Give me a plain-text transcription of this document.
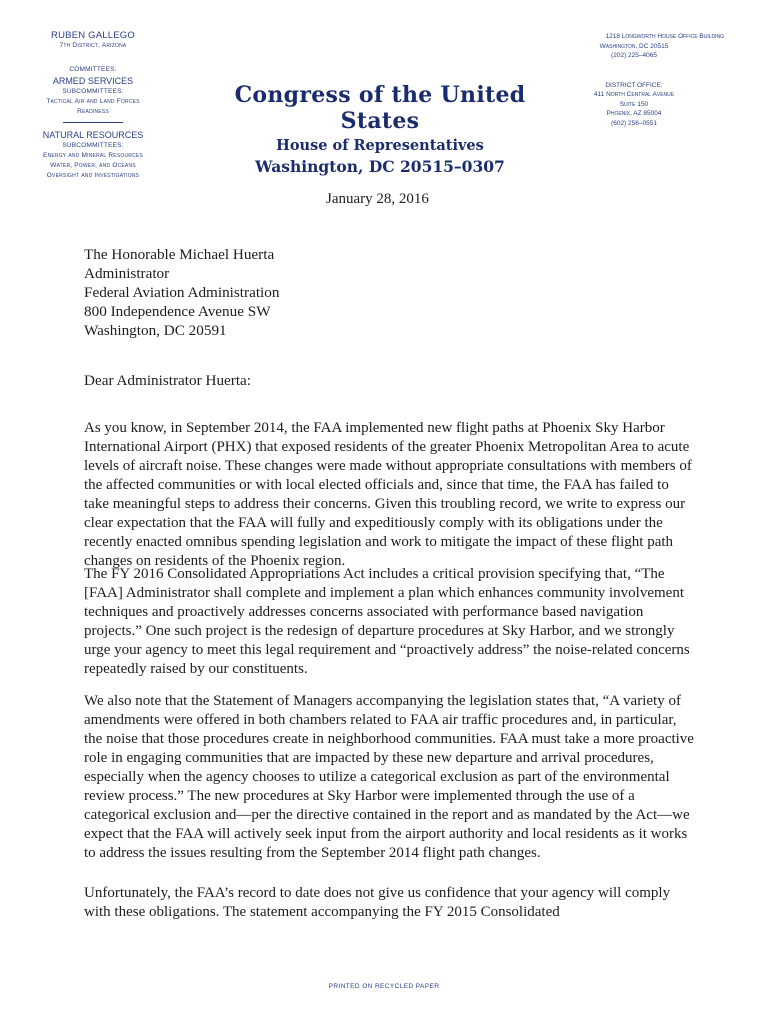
RUBEN GALLEGO
7th District, Arizona
COMMITTEES:
ARMED SERVICES
SUBCOMMITTEES:
Tactical Air and Land Forces
Readiness
NATURAL RESOURCES
SUBCOMMITTEES:
Energy and Mineral Resources
Water, Power, and Oceans
Oversight and Investigations
1218 Longworth House Office Building
Washington, DC 20515
(202) 225–4065
DISTRICT OFFICE:
411 North Central Avenue
Suite 150
Phoenix, AZ 85004
(602) 256–0551
Congress of the United States
House of Representatives
Washington, DC 20515–0307
January 28, 2016
The Honorable Michael Huerta
Administrator
Federal Aviation Administration
800 Independence Avenue SW
Washington, DC 20591
Dear Administrator Huerta:

As you know, in September 2014, the FAA implemented new flight paths at Phoenix Sky Harbor International Airport (PHX) that exposed residents of the greater Phoenix Metropolitan Area to acute levels of aircraft noise. These changes were made without appropriate consultations with members of the affected communities or with local elected officials and, since that time, the FAA has failed to take meaningful steps to address their concerns. Given this troubling record, we write to express our clear expectation that the FAA will fully and expeditiously comply with its obligations under the recently enacted omnibus spending legislation and work to mitigate the impact of these flight path changes on residents of the Phoenix region.

The FY 2016 Consolidated Appropriations Act includes a critical provision specifying that, “The [FAA] Administrator shall complete and implement a plan which enhances community involvement techniques and proactively addresses concerns associated with performance based navigation projects.” One such project is the redesign of departure procedures at Sky Harbor, and we strongly urge your agency to meet this legal requirement and “proactively address” the noise-related concerns repeatedly raised by our constituents.

We also note that the Statement of Managers accompanying the legislation states that, “A variety of amendments were offered in both chambers related to FAA air traffic procedures and, in particular, the noise that those procedures create in neighborhood communities. FAA must take a more proactive role in engaging communities that are impacted by these new departure and arrival procedures, especially when the agency chooses to utilize a categorical exclusion as part of the environmental review process.” The new procedures at Sky Harbor were implemented through the use of a categorical exclusion and—per the directive contained in the report and as mandated by the Act—we expect that the FAA will actively seek input from the airport authority and local residents as it works to address the issues resulting from the September 2014 flight path changes.

Unfortunately, the FAA’s record to date does not give us confidence that your agency will comply with these obligations. The statement accompanying the FY 2015 Consolidated

PRINTED ON RECYCLED PAPER
